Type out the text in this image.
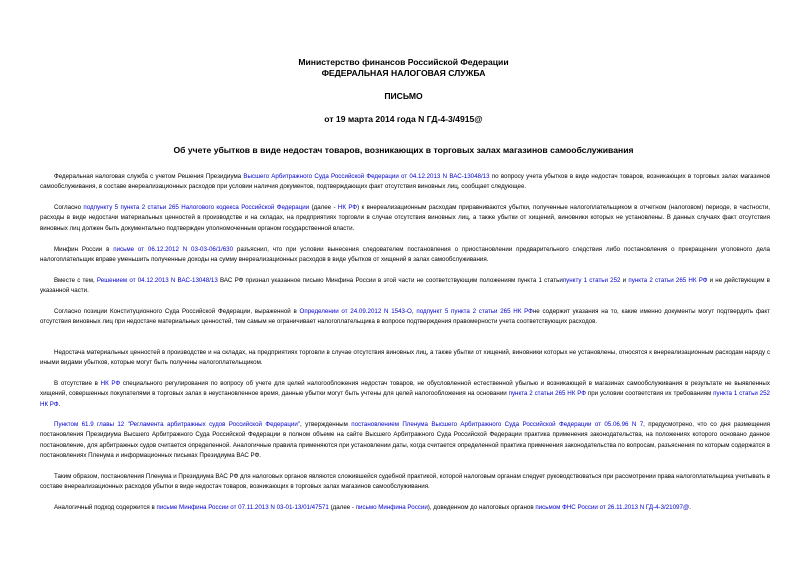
Министерство финансов Российской Федерации
ФЕДЕРАЛЬНАЯ НАЛОГОВАЯ СЛУЖБА
ПИСЬМО
от 19 марта 2014 года N ГД-4-3/4915@
Об учете убытков в виде недостач товаров, возникающих в торговых залах магазинов самообслуживания

Федеральная налоговая служба с учетом Решения Президиума Высшего Арбитражного Суда Российской Федерации от 04.12.2013 N ВАС-13048/13 по вопросу учета убытков в виде недостач товаров, возникающих в торговых залах магазинов самообслуживания, в составе внереализационных расходов при условии наличия документов, подтверждающих факт отсутствия виновных лиц, сообщает следующее.

Согласно подпункту 5 пункта 2 статьи 265 Налогового кодекса Российской Федерации (далее - НК РФ) к внереализационным расходам приравниваются убытки, полученные налогоплательщиком в отчетном (налоговом) периоде, в частности, расходы в виде недостачи материальных ценностей в производстве и на складах, на предприятиях торговли в случае отсутствия виновных лиц, а также убытки от хищений, виновники которых не установлены. В данных случаях факт отсутствия виновных лиц должен быть документально подтвержден уполномоченным органом государственной власти.

Минфин России в письме от 06.12.2012 N 03-03-06/1/630 разъяснил, что при условии вынесения следователем постановления о приостановлении предварительного следствия либо постановления о прекращении уголовного дела налогоплательщик вправе уменьшить полученные доходы на сумму внереализационных расходов в виде убытков от хищений в залах самообслуживания.

Вместе с тем, Решением от 04.12.2013 N ВАС-13048/13 ВАС РФ признал указанное письмо Минфина России в этой части не соответствующим положениям пункта 1 статьипункту 1 статьи 252 и пункта 2 статьи 265 НК РФ и не действующим в указанной части.

Согласно позиции Конституционного Суда Российской Федерации, выраженной в Определении от 24.09.2012 N 1543-О, подпункт 5 пункта 2 статьи 265 НК РФне содержит указания на то, какие именно документы могут подтвердить факт отсутствия виновных лиц при недостаче материальных ценностей, тем самым не ограничивает налогоплательщика в вопросе подтверждения правомерности учета соответствующих расходов.

Недостача материальных ценностей в производстве и на складах, на предприятиях торговли в случае отсутствия виновных лиц, а также убытки от хищений, виновники которых не установлены, относятся к внереализационным расходам наряду с иными видами убытков, которые могут быть получены налогоплательщиком.

В отсутствие в НК РФ специального регулирования по вопросу об учете для целей налогообложения недостач товаров, не обусловленной естественной убылью и возникающей в магазинах самообслуживания в результате не выявленных хищений, совершенных покупателями в торговых залах в неустановленное время, данные убытки могут быть учтены для целей налогообложения на основании пункта 2 статьи 265 НК РФ при условии соответствия их требованиям пункта 1 статьи 252 НК РФ.

Пунктом 61.9 главы 12 "Регламента арбитражных судов Российской Федерации", утвержденным постановлением Пленума Высшего Арбитражного Суда Российской Федерации от 05.06.96 N 7, предусмотрено, что со дня размещения постановления Президиума Высшего Арбитражного Суда Российской Федерации в полном объеме на сайте Высшего Арбитражного Суда Российской Федерации практика применения законодательства, на положениях которого основано данное постановление, для арбитражных судов считается определенной. Аналогичные правила применяются при установлении даты, когда считается определенной практика применения законодательства по вопросам, разъяснения по которым содержатся в постановлениях Пленума и информационных письмах Президиума ВАС РФ.

Таким образом, постановления Пленума и Президиума ВАС РФ для налоговых органов являются сложившейся судебной практикой, которой налоговым органам следует руководствоваться при рассмотрении права налогоплательщика учитывать в составе внереализационных расходов убытки в виде недостач товаров, возникающих в торговых залах магазинов самообслуживания.

Аналогичный подход содержится в письме Минфина России от 07.11.2013 N 03-01-13/01/47571 (далее - письмо Минфина России), доведенном до налоговых органов письмом ФНС России от 26.11.2013 N ГД-4-3/21097@.
